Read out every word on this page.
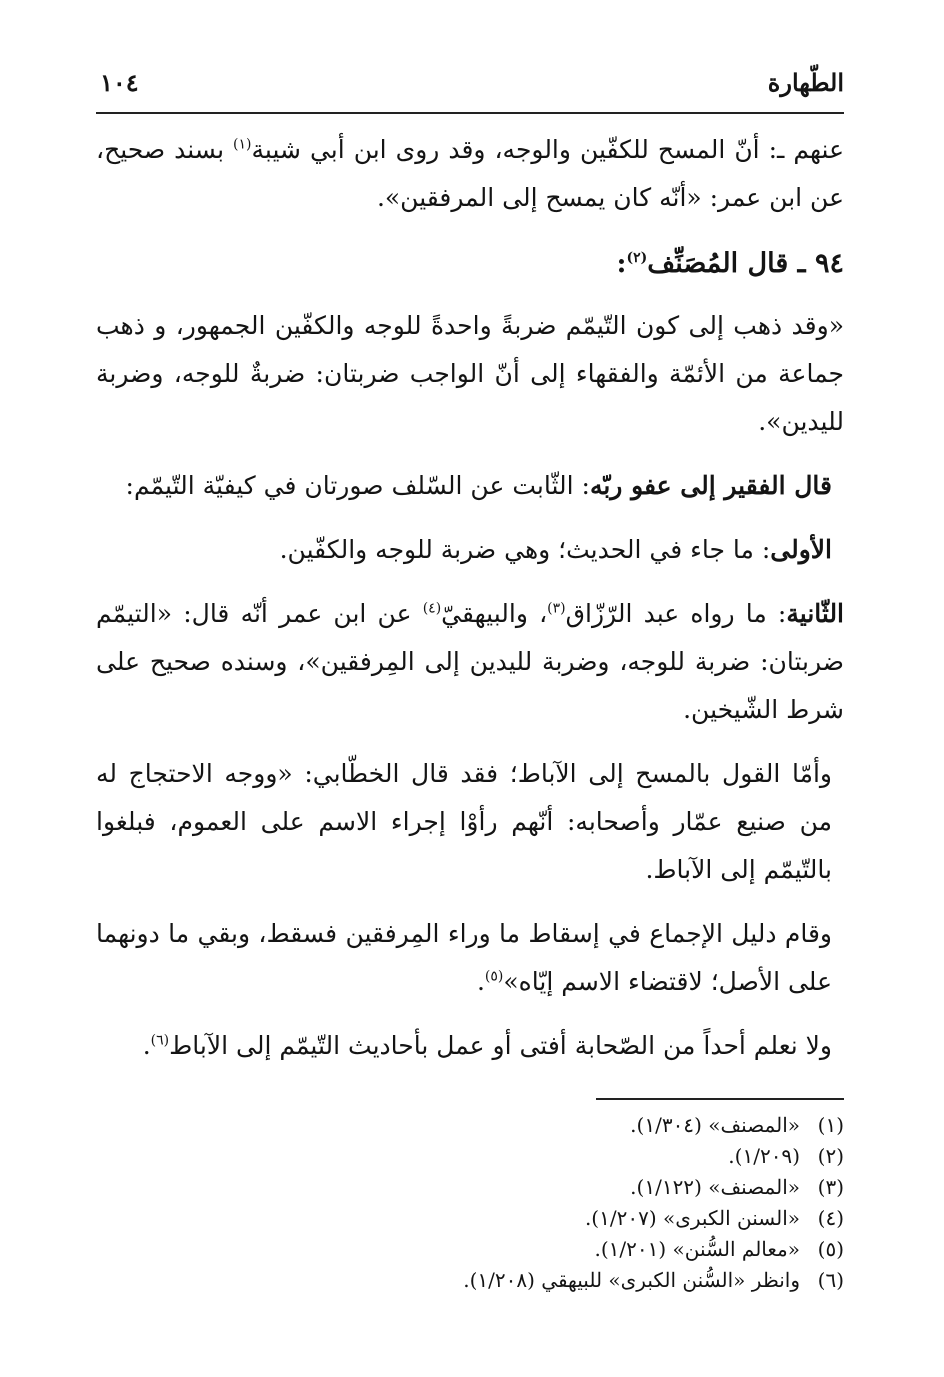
الطّهارة
١٠٤

عنهم ـ: أنّ المسح للكفّين والوجه، وقد روى ابن أبي شيبة$^{(١)}$ بسند صحيح، عن ابن عمر: «أنّه كان يمسح إلى المرفقين».

٩٤ ـ قال المُصَنِّف$^{(٢)}$:

«وقد ذهب إلى كون التّيمّم ضربةً واحدةً للوجه والكفّين الجمهور، و ذهب جماعة من الأئمّة والفقهاء إلى أنّ الواجب ضربتان: ضربةٌ للوجه، وضربة لليدين».

قال الفقير إلى عفو ربّه: الثّابت عن السّلف صورتان في كيفيّة التّيمّم:

الأولى: ما جاء في الحديث؛ وهي ضربة للوجه والكفّين.

الثّانية: ما رواه عبد الرّزّاق$^{(٣)}$، والبيهقيّ$^{(٤)}$ عن ابن عمر أنّه قال: «التيمّم ضربتان: ضربة للوجه، وضربة لليدين إلى المِرفقين»، وسنده صحيح على شرط الشّيخين.

وأمّا القول بالمسح إلى الآباط؛ فقد قال الخطّابي: «ووجه الاحتجاج له من صنيع عمّار وأصحابه: أنّهم رأوْا إجراء الاسم على العموم، فبلغوا بالتّيمّم إلى الآباط.

وقام دليل الإجماع في إسقاط ما وراء المِرفقين فسقط، وبقي ما دونهما على الأصل؛ لاقتضاء الاسم إيّاه»$^{(٥)}$.

ولا نعلم أحداً من الصّحابة أفتى أو عمل بأحاديث التّيمّم إلى الآباط$^{(٦)}$.

(١)
«المصنف» (١/٣٠٤).
(٢)
(١/٢٠٩).
(٣)
«المصنف» (١/١٢٢).
(٤)
«السنن الكبرى» (١/٢٠٧).
(٥)
«معالم السُّنن» (١/٢٠١).
(٦)
وانظر «السُّنن الكبرى» للبيهقي (١/٢٠٨).
